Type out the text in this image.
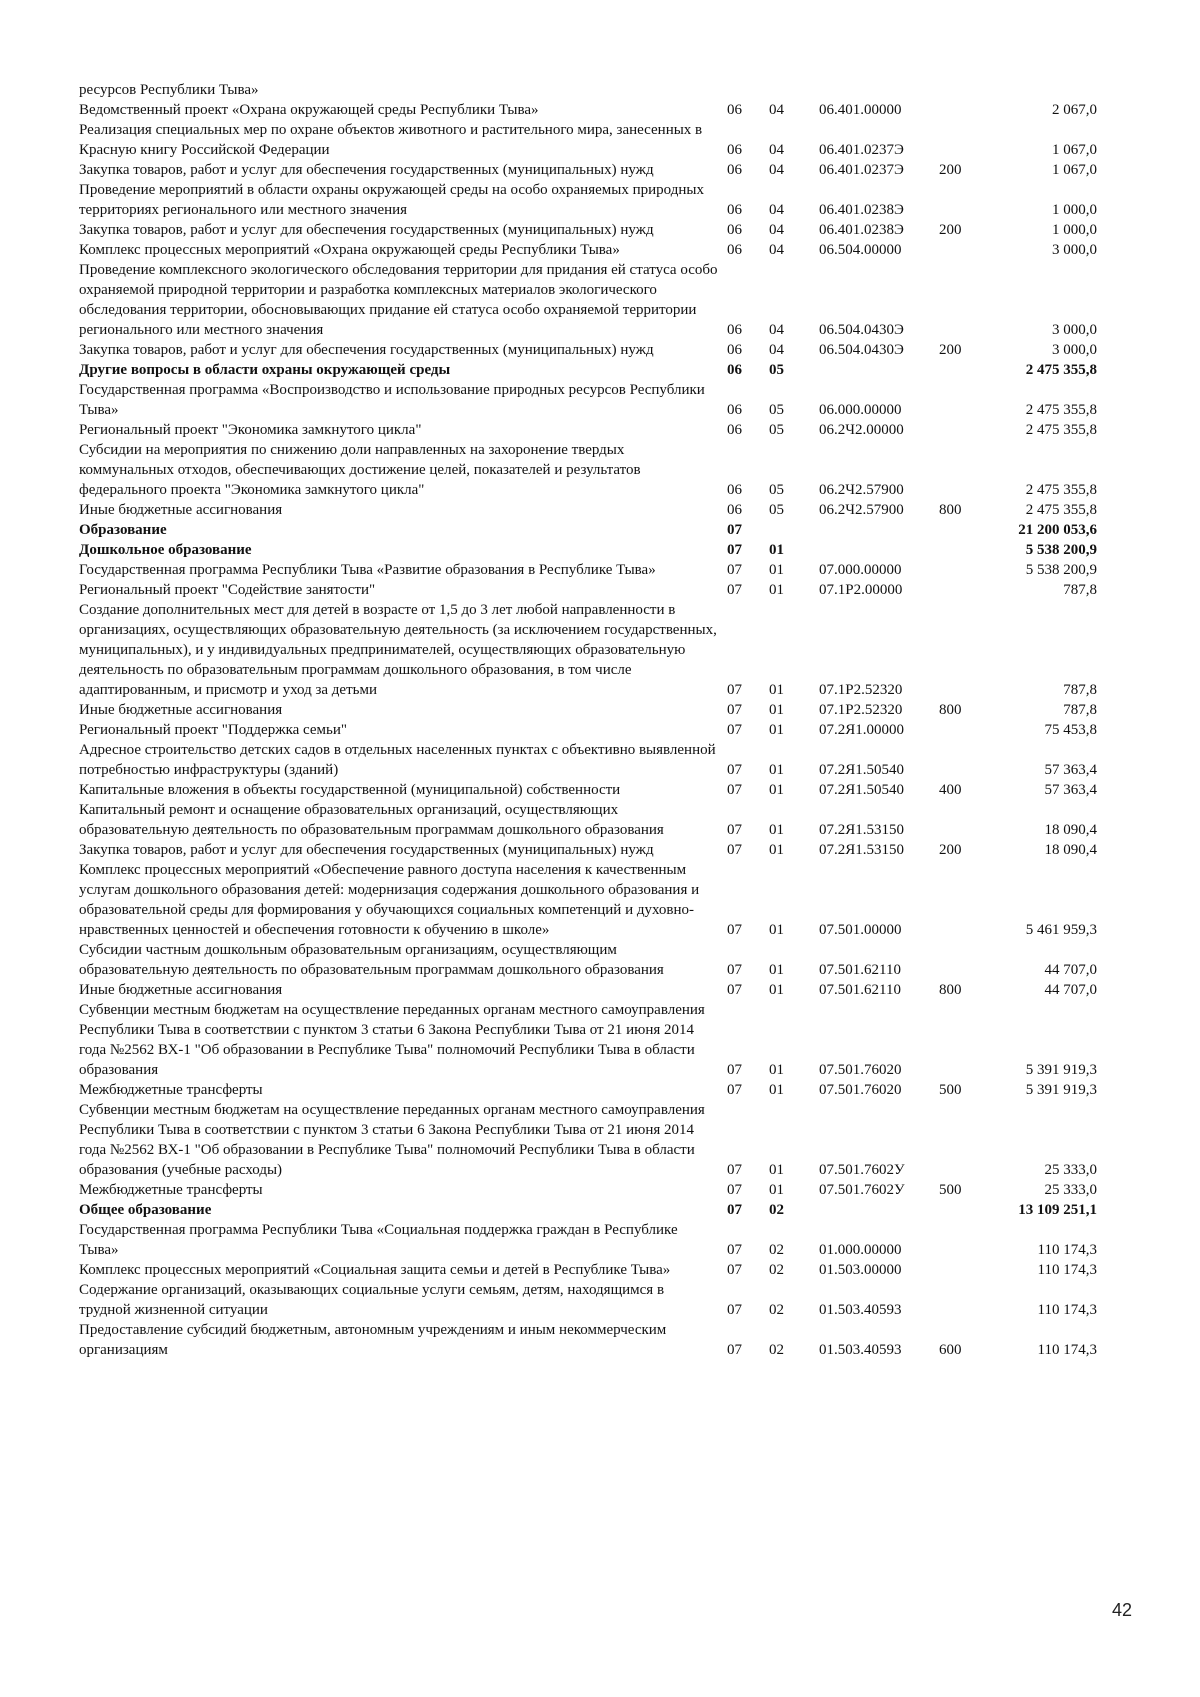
ресурсов Республики Тыва»
Ведомственный проект «Охрана окружающей среды Республики Тыва»	06	04	06.401.00000	2 067,0
Реализация специальных мер по охране объектов животного и растительного мира, занесенных в Красную книгу Российской Федерации	06	04	06.401.0237Э	1 067,0
Закупка товаров, работ и услуг для обеспечения государственных (муниципальных) нужд	06	04	06.401.0237Э	200	1 067,0
Проведение мероприятий в области охраны окружающей среды на особо охраняемых природных территориях регионального или местного значения	06	04	06.401.0238Э	1 000,0
Закупка товаров, работ и услуг для обеспечения государственных (муниципальных) нужд	06	04	06.401.0238Э	200	1 000,0
Комплекс процессных мероприятий «Охрана окружающей среды Республики Тыва»	06	04	06.504.00000	3 000,0
Проведение комплексного экологического обследования территории для придания ей статуса особо охраняемой природной территории и разработка комплексных материалов экологического обследования территории, обосновывающих придание ей статуса особо охраняемой территории регионального или местного значения	06	04	06.504.0430Э	3 000,0
Закупка товаров, работ и услуг для обеспечения государственных (муниципальных) нужд	06	04	06.504.0430Э	200	3 000,0
Другие вопросы в области охраны окружающей среды	06	05	2 475 355,8
Государственная программа «Воспроизводство и использование природных ресурсов Республики Тыва»	06	05	06.000.00000	2 475 355,8
Региональный проект "Экономика замкнутого цикла"	06	05	06.2Ч2.00000	2 475 355,8
Субсидии на мероприятия по снижению доли направленных на захоронение твердых коммунальных отходов, обеспечивающих достижение целей, показателей и результатов федерального проекта "Экономика замкнутого цикла"	06	05	06.2Ч2.57900	2 475 355,8
Иные бюджетные ассигнования	06	05	06.2Ч2.57900	800	2 475 355,8
Образование	07	21 200 053,6
Дошкольное образование	07	01	5 538 200,9
Государственная программа Республики Тыва «Развитие образования в Республике Тыва»	07	01	07.000.00000	5 538 200,9
Региональный проект "Содействие занятости"	07	01	07.1P2.00000	787,8
Создание дополнительных мест для детей в возрасте от 1,5 до 3 лет любой направленности в организациях, осуществляющих образовательную деятельность (за исключением государственных, муниципальных), и у индивидуальных предпринимателей, осуществляющих образовательную деятельность по образовательным программам дошкольного образования, в том числе адаптированным, и присмотр и уход за детьми	07	01	07.1P2.52320	787,8
Иные бюджетные ассигнования	07	01	07.1P2.52320	800	787,8
Региональный проект "Поддержка семьи"	07	01	07.2Я1.00000	75 453,8
Адресное строительство детских садов в отдельных населенных пунктах с объективно выявленной потребностью инфраструктуры (зданий)	07	01	07.2Я1.50540	57 363,4
Капитальные вложения в объекты государственной (муниципальной) собственности	07	01	07.2Я1.50540	400	57 363,4
Капитальный ремонт и оснащение образовательных организаций, осуществляющих образовательную деятельность по образовательным программам дошкольного образования	07	01	07.2Я1.53150	18 090,4
Закупка товаров, работ и услуг для обеспечения государственных (муниципальных) нужд	07	01	07.2Я1.53150	200	18 090,4
Комплекс процессных мероприятий «Обеспечение равного доступа населения к качественным услугам дошкольного образования детей: модернизация содержания дошкольного образования и образовательной среды для формирования у обучающихся социальных компетенций и духовно-нравственных ценностей и обеспечения готовности к обучению в школе»	07	01	07.501.00000	5 461 959,3
Субсидии частным дошкольным образовательным организациям, осуществляющим образовательную деятельность по образовательным программам дошкольного образования	07	01	07.501.62110	44 707,0
Иные бюджетные ассигнования	07	01	07.501.62110	800	44 707,0
Субвенции местным бюджетам на осуществление переданных органам местного самоуправления Республики Тыва в соответствии с пунктом 3 статьи 6 Закона Республики Тыва от 21 июня 2014 года №2562 ВХ-1 "Об образовании в Республике Тыва" полномочий Республики Тыва в области образования	07	01	07.501.76020	5 391 919,3
Межбюджетные трансферты	07	01	07.501.76020	500	5 391 919,3
Субвенции местным бюджетам на осуществление переданных органам местного самоуправления Республики Тыва в соответствии с пунктом 3 статьи 6 Закона Республики Тыва от 21 июня 2014 года №2562 ВХ-1 "Об образовании в Республике Тыва" полномочий Республики Тыва в области образования (учебные расходы)	07	01	07.501.7602У	25 333,0
Межбюджетные трансферты	07	01	07.501.7602У	500	25 333,0
Общее образование	07	02	13 109 251,1
Государственная программа Республики Тыва «Социальная поддержка граждан в Республике Тыва»	07	02	01.000.00000	110 174,3
Комплекс процессных мероприятий «Социальная защита семьи и детей в Республике Тыва»	07	02	01.503.00000	110 174,3
Содержание организаций, оказывающих социальные услуги семьям, детям, находящимся в трудной жизненной ситуации	07	02	01.503.40593	110 174,3
Предоставление субсидий бюджетным, автономным учреждениям и иным некоммерческим организациям	07	02	01.503.40593	600	110 174,3
42
